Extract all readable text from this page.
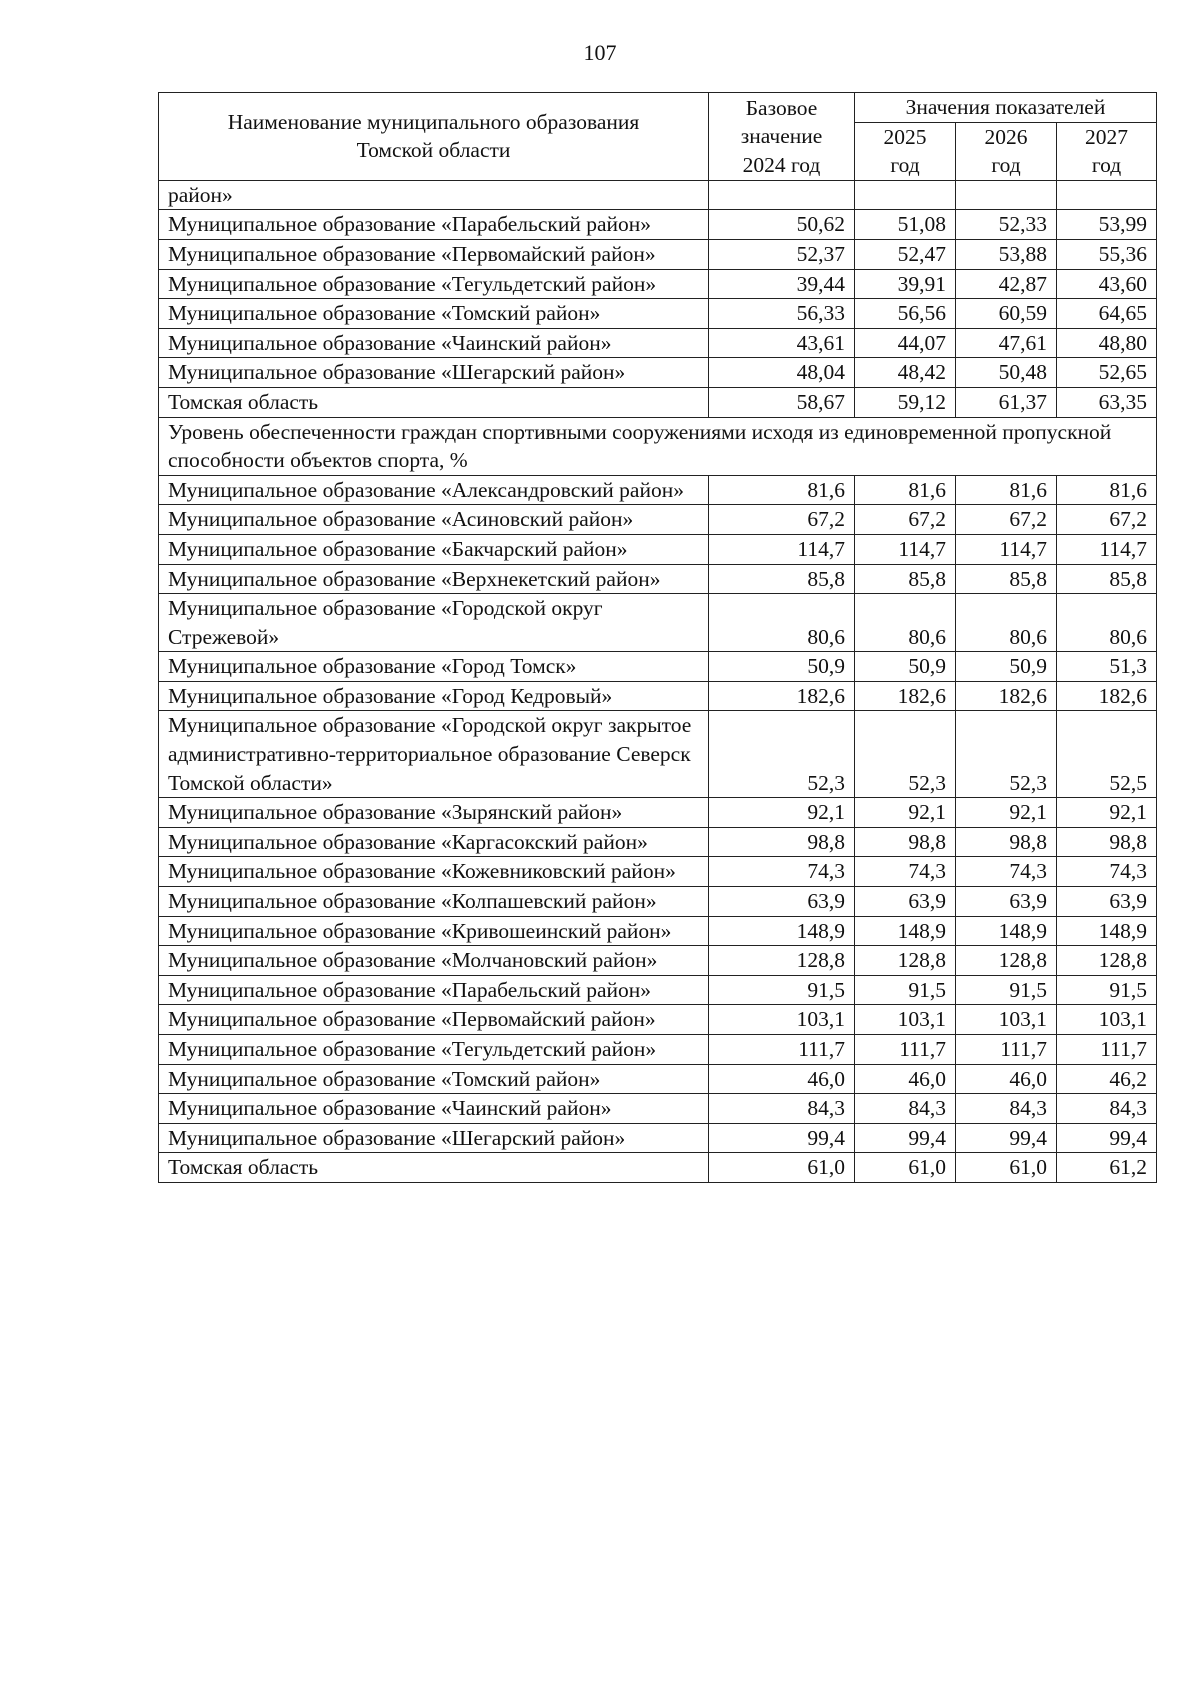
107
Наименование муниципального образования Томской области	Базовое значение 2024 год	Значения показателей		
		2025 год	2026 год	2027 год
район»				
Муниципальное образование «Парабельский район»	50,62	51,08	52,33	53,99
Муниципальное образование «Первомайский район»	52,37	52,47	53,88	55,36
Муниципальное образование «Тегульдетский район»	39,44	39,91	42,87	43,60
Муниципальное образование «Томский район»	56,33	56,56	60,59	64,65
Муниципальное образование «Чаинский район»	43,61	44,07	47,61	48,80
Муниципальное образование «Шегарский район»	48,04	48,42	50,48	52,65
Томская область	58,67	59,12	61,37	63,35
Уровень обеспеченности граждан спортивными сооружениями исходя из единовременной пропускной способности объектов спорта, %				
Муниципальное образование «Александровский район»	81,6	81,6	81,6	81,6
Муниципальное образование «Асиновский район»	67,2	67,2	67,2	67,2
Муниципальное образование «Бакчарский район»	114,7	114,7	114,7	114,7
Муниципальное образование «Верхнекетский район»	85,8	85,8	85,8	85,8
Муниципальное образование «Городской округ Стрежевой»	80,6	80,6	80,6	80,6
Муниципальное образование «Город Томск»	50,9	50,9	50,9	51,3
Муниципальное образование «Город Кедровый»	182,6	182,6	182,6	182,6
Муниципальное образование «Городской округ закрытое административно-территориальное образование Северск Томской области»	52,3	52,3	52,3	52,5
Муниципальное образование «Зырянский район»	92,1	92,1	92,1	92,1
Муниципальное образование «Каргасокский район»	98,8	98,8	98,8	98,8
Муниципальное образование «Кожевниковский район»	74,3	74,3	74,3	74,3
Муниципальное образование «Колпашевский район»	63,9	63,9	63,9	63,9
Муниципальное образование «Кривошеинский район»	148,9	148,9	148,9	148,9
Муниципальное образование «Молчановский район»	128,8	128,8	128,8	128,8
Муниципальное образование «Парабельский район»	91,5	91,5	91,5	91,5
Муниципальное образование «Первомайский район»	103,1	103,1	103,1	103,1
Муниципальное образование «Тегульдетский район»	111,7	111,7	111,7	111,7
Муниципальное образование «Томский район»	46,0	46,0	46,0	46,2
Муниципальное образование «Чаинский район»	84,3	84,3	84,3	84,3
Муниципальное образование «Шегарский район»	99,4	99,4	99,4	99,4
Томская область	61,0	61,0	61,0	61,2
